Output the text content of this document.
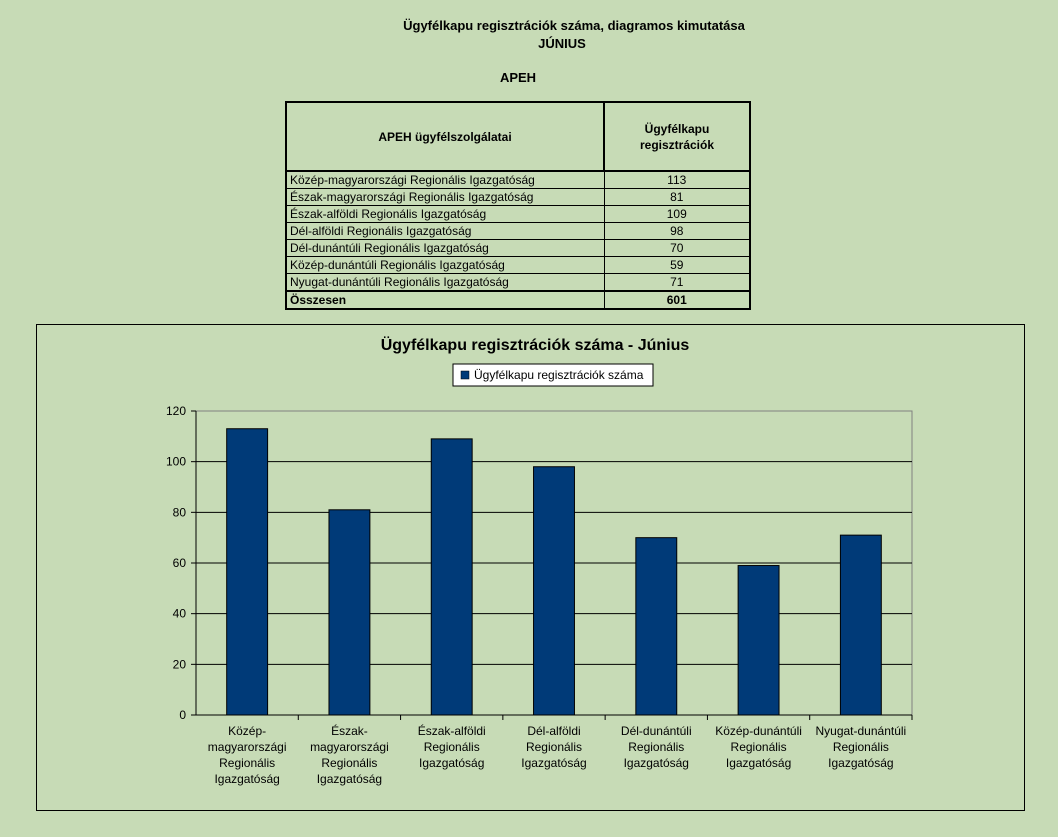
Ügyfélkapu regisztrációk száma, diagramos kimutatása
JÚNIUS
APEH
APEH ügyfélszolgálatai	Ügyfélkapu
regisztrációk
Közép-magyarországi Regionális Igazgatóság	113
Észak-magyarországi Regionális Igazgatóság	81
Észak-alföldi Regionális Igazgatóság	109
Dél-alföldi Regionális Igazgatóság	98
Dél-dunántúli Regionális Igazgatóság	70
Közép-dunántúli Regionális Igazgatóság	59
Nyugat-dunántúli Regionális Igazgatóság	71
Összesen	601
Ügyfélkapu regisztrációk száma - Június
Ügyfélkapu regisztrációk száma
0
20
40
60
80
100
120
Közép-magyarországi Regionális Igazgatóság
Észak-magyarországi Regionális Igazgatóság
Észak-alföldi Regionális Igazgatóság
Dél-alföldi Regionális Igazgatóság
Dél-dunántúli Regionális Igazgatóság
Közép-dunántúli Regionális Igazgatóság
Nyugat-dunántúli Regionális Igazgatóság
